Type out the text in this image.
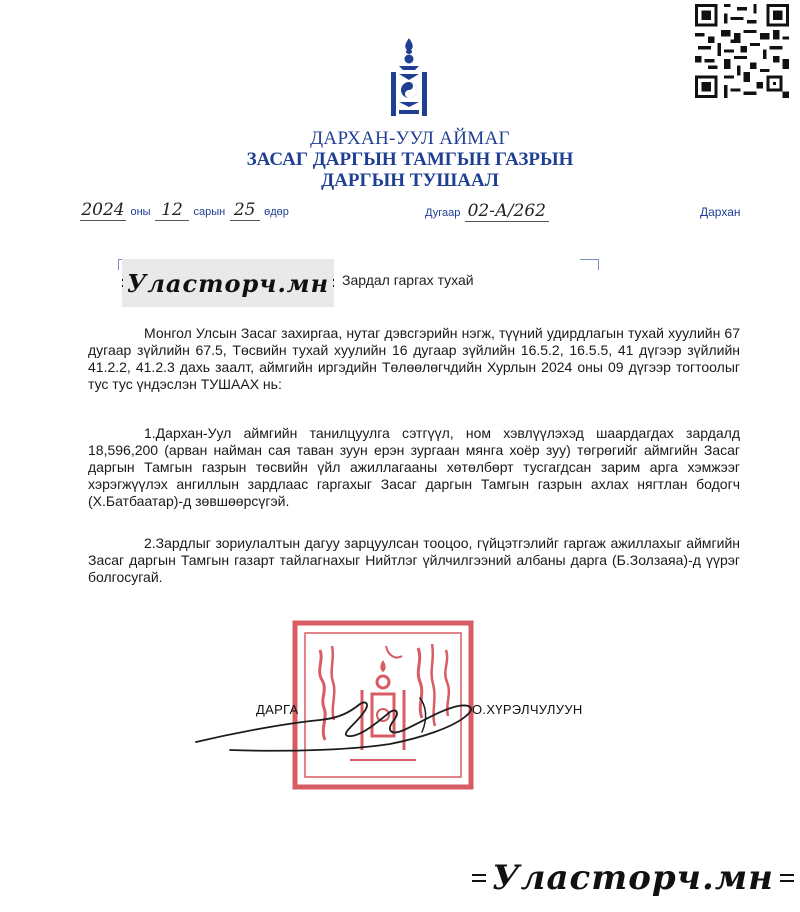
ДАРХАН-УУЛ АЙМАГ
ЗАСАГ ДАРГЫН ТАМГЫН ГАЗРЫН
ДАРГЫН ТУШААЛ
2024 оны 12 сарын 25 өдөр	Дугаар 02-А/262	Дархан
Уласторч.мн Зардал гаргах тухай
Монгол Улсын Засаг захиргаа, нутаг дэвсгэрийн нэгж, түүний удирдлагын тухай хуулийн 67 дугаар зүйлийн 67.5, Төсвийн тухай хуулийн 16 дугаар зүйлийн 16.5.2, 16.5.5, 41 дүгээр зүйлийн 41.2.2, 41.2.3 дахь заалт, аймгийн иргэдийн Төлөөлөгчдийн Хурлын 2024 оны 09 дүгээр тогтоолыг тус тус үндэслэн ТУШААХ нь:
1.Дархан-Уул аймгийн танилцуулга сэтгүүл, ном хэвлүүлэхэд шаардагдах зардалд 18,596,200 (арван найман сая таван зуун ерэн зургаан мянга хоёр зуу) төгрөгийг аймгийн Засаг даргын Тамгын газрын төсвийн үйл ажиллагааны хөтөлбөрт тусгагдсан зарим арга хэмжээг хэрэгжүүлэх ангиллын зардлаас гаргахыг Засаг даргын Тамгын газрын ахлах нягтлан бодогч (Х.Батбаатар)-д зөвшөөрсүгэй.
2.Зардлыг зориулалтын дагуу зарцуулсан тооцоо, гүйцэтгэлийг гаргаж ажиллахыг аймгийн Засаг даргын Тамгын газарт тайлагнахыг Нийтлэг үйлчилгээний албаны дарга (Б.Золзаяа)-д үүрэг болгосугай.
ДАРГА	О.ХҮРЭЛЧУЛУУН
Уласторч.мн
